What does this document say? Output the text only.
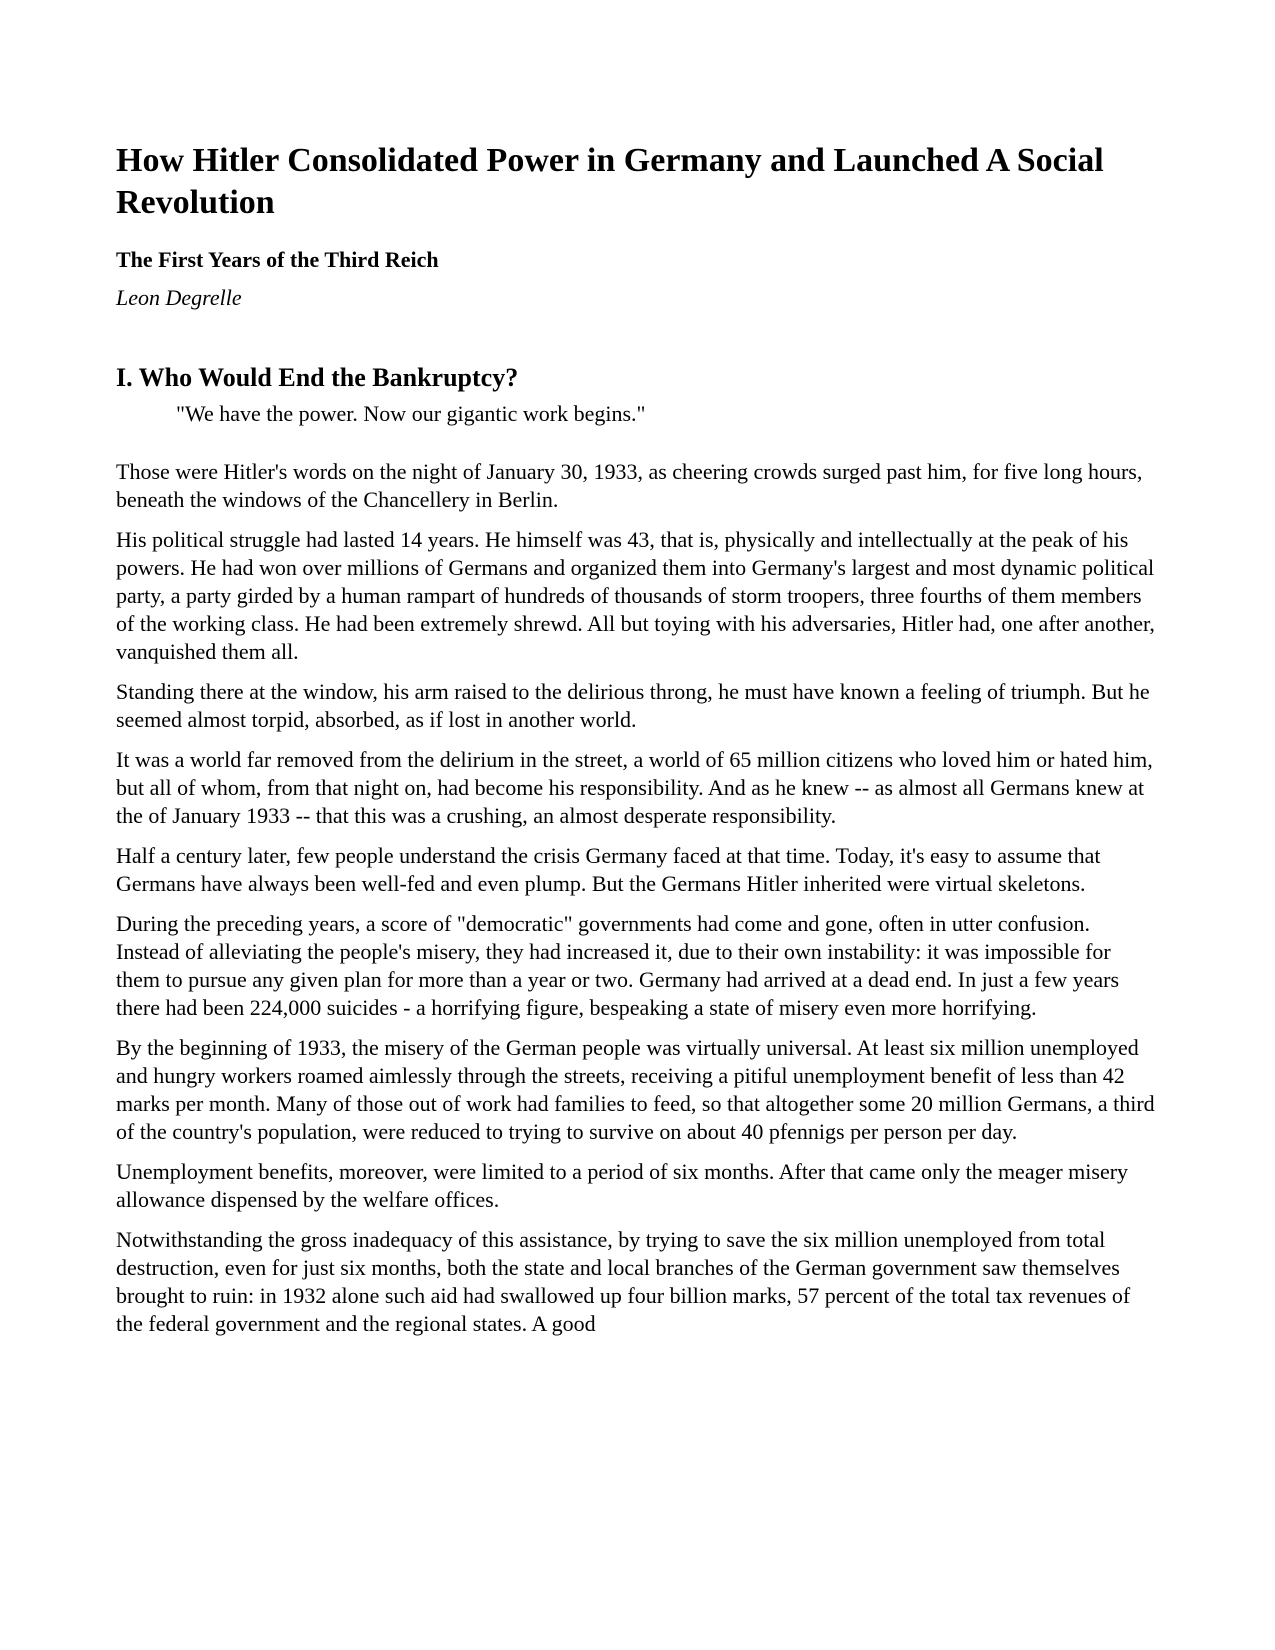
How Hitler Consolidated Power in Germany and Launched A Social Revolution
The First Years of the Third Reich
Leon Degrelle
I. Who Would End the Bankruptcy?
"We have the power. Now our gigantic work begins."

Those were Hitler's words on the night of January 30, 1933, as cheering crowds surged past him, for five long hours, beneath the windows of the Chancellery in Berlin.

His political struggle had lasted 14 years. He himself was 43, that is, physically and intellectually at the peak of his powers. He had won over millions of Germans and organized them into Germany's largest and most dynamic political party, a party girded by a human rampart of hundreds of thousands of storm troopers, three fourths of them members of the working class. He had been extremely shrewd. All but toying with his adversaries, Hitler had, one after another, vanquished them all.

Standing there at the window, his arm raised to the delirious throng, he must have known a feeling of triumph. But he seemed almost torpid, absorbed, as if lost in another world.

It was a world far removed from the delirium in the street, a world of 65 million citizens who loved him or hated him, but all of whom, from that night on, had become his responsibility. And as he knew -- as almost all Germans knew at the of January 1933 -- that this was a crushing, an almost desperate responsibility.

Half a century later, few people understand the crisis Germany faced at that time. Today, it's easy to assume that Germans have always been well-fed and even plump. But the Germans Hitler inherited were virtual skeletons.

During the preceding years, a score of "democratic" governments had come and gone, often in utter confusion. Instead of alleviating the people's misery, they had increased it, due to their own instability: it was impossible for them to pursue any given plan for more than a year or two. Germany had arrived at a dead end. In just a few years there had been 224,000 suicides - a horrifying figure, bespeaking a state of misery even more horrifying.

By the beginning of 1933, the misery of the German people was virtually universal. At least six million unemployed and hungry workers roamed aimlessly through the streets, receiving a pitiful unemployment benefit of less than 42 marks per month. Many of those out of work had families to feed, so that altogether some 20 million Germans, a third of the country's population, were reduced to trying to survive on about 40 pfennigs per person per day.

Unemployment benefits, moreover, were limited to a period of six months. After that came only the meager misery allowance dispensed by the welfare offices.

Notwithstanding the gross inadequacy of this assistance, by trying to save the six million unemployed from total destruction, even for just six months, both the state and local branches of the German government saw themselves brought to ruin: in 1932 alone such aid had swallowed up four billion marks, 57 percent of the total tax revenues of the federal government and the regional states. A good
